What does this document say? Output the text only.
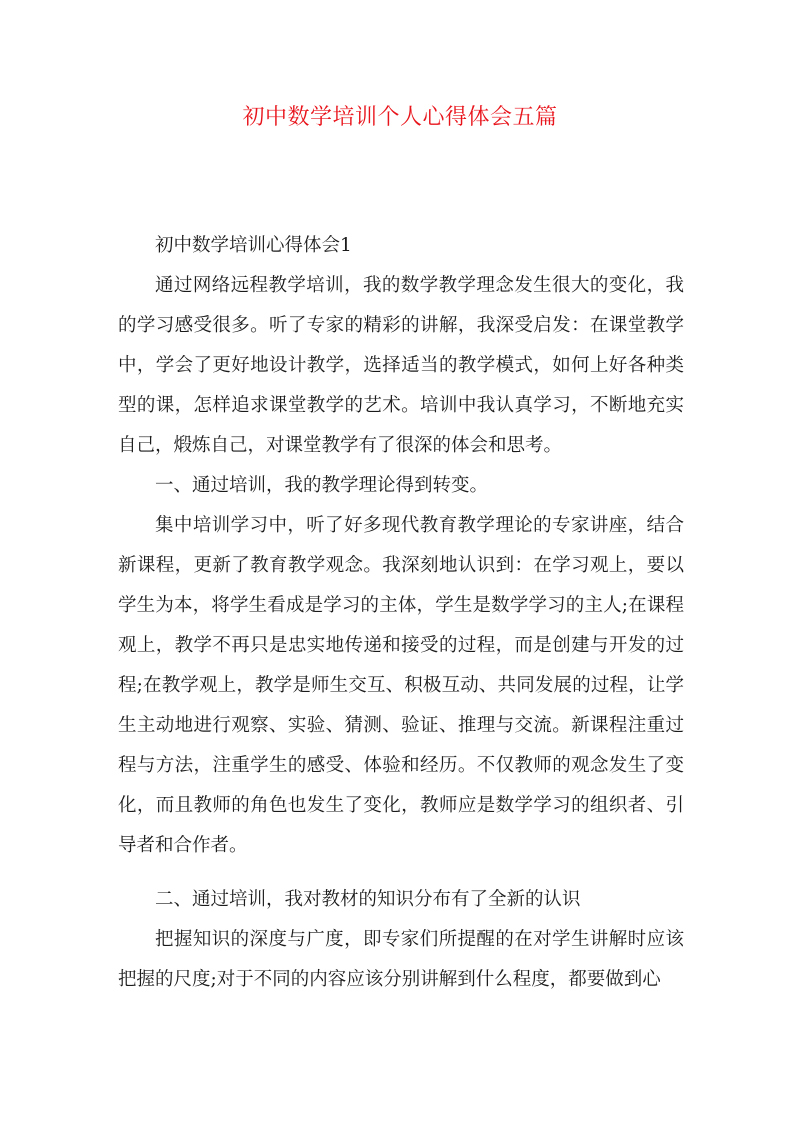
初中数学培训个人心得体会五篇

初中数学培训心得体会1

通过网络远程教学培训，我的数学教学理念发生很大的变化，我的学习感受很多。听了专家的精彩的讲解，我深受启发：在课堂教学中，学会了更好地设计教学，选择适当的教学模式，如何上好各种类型的课，怎样追求课堂教学的艺术。培训中我认真学习，不断地充实自己，煅炼自己，对课堂教学有了很深的体会和思考。

一、通过培训，我的教学理论得到转变。

集中培训学习中，听了好多现代教育教学理论的专家讲座，结合新课程，更新了教育教学观念。我深刻地认识到：在学习观上，要以学生为本，将学生看成是学习的主体，学生是数学学习的主人;在课程观上，教学不再只是忠实地传递和接受的过程，而是创建与开发的过程;在教学观上，教学是师生交互、积极互动、共同发展的过程，让学生主动地进行观察、实验、猜测、验证、推理与交流。新课程注重过程与方法，注重学生的感受、体验和经历。不仅教师的观念发生了变化，而且教师的角色也发生了变化，教师应是数学学习的组织者、引导者和合作者。

二、通过培训，我对教材的知识分布有了全新的认识

把握知识的深度与广度，即专家们所提醒的在对学生讲解时应该把握的尺度;对于不同的内容应该分别讲解到什么程度，都要做到心
